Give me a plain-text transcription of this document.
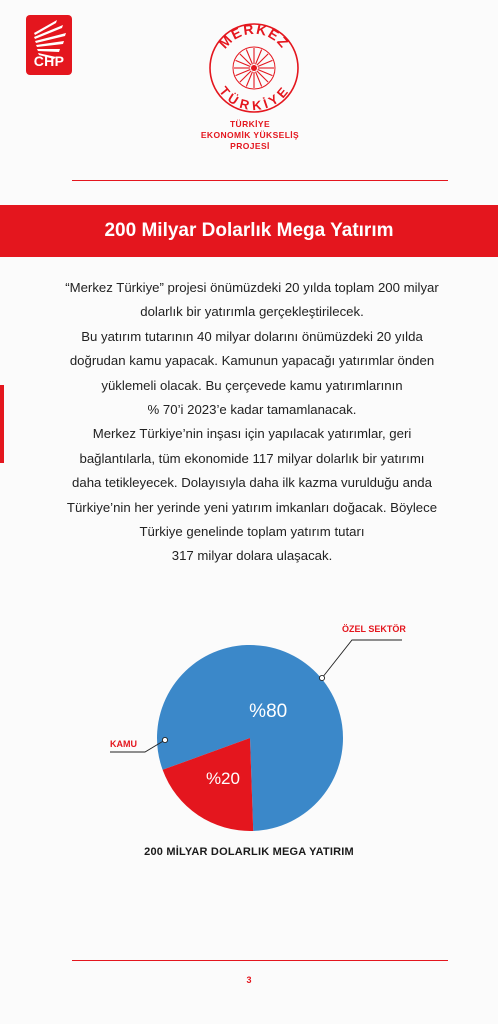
CHP
MERKEZ
TÜRKİYE
TÜRKİYE
EKONOMİK YÜKSELİŞ
PROJESİ
200 Milyar Dolarlık Mega Yatırım
“Merkez Türkiye” projesi önümüzdeki 20 yılda toplam 200 milyar
dolarlık bir yatırımla gerçekleştirilecek.
Bu yatırım tutarının 40 milyar dolarını önümüzdeki 20 yılda
doğrudan kamu yapacak. Kamunun yapacağı yatırımlar önden
yüklemeli olacak. Bu çerçevede kamu yatırımlarının
% 70’i 2023’e kadar tamamlanacak.
Merkez Türkiye’nin inşası için yapılacak yatırımlar, geri
bağlantılarla, tüm ekonomide 117 milyar dolarlık bir yatırımı
daha tetikleyecek. Dolayısıyla daha ilk kazma vurulduğu anda
Türkiye’nin her yerinde yeni yatırım imkanları doğacak. Böylece
Türkiye genelinde toplam yatırım tutarı
317 milyar dolara ulaşacak.
%80
ÖZEL SEKTÖR
%20
KAMU
200 MİLYAR DOLARLIK MEGA YATIRIM
3
